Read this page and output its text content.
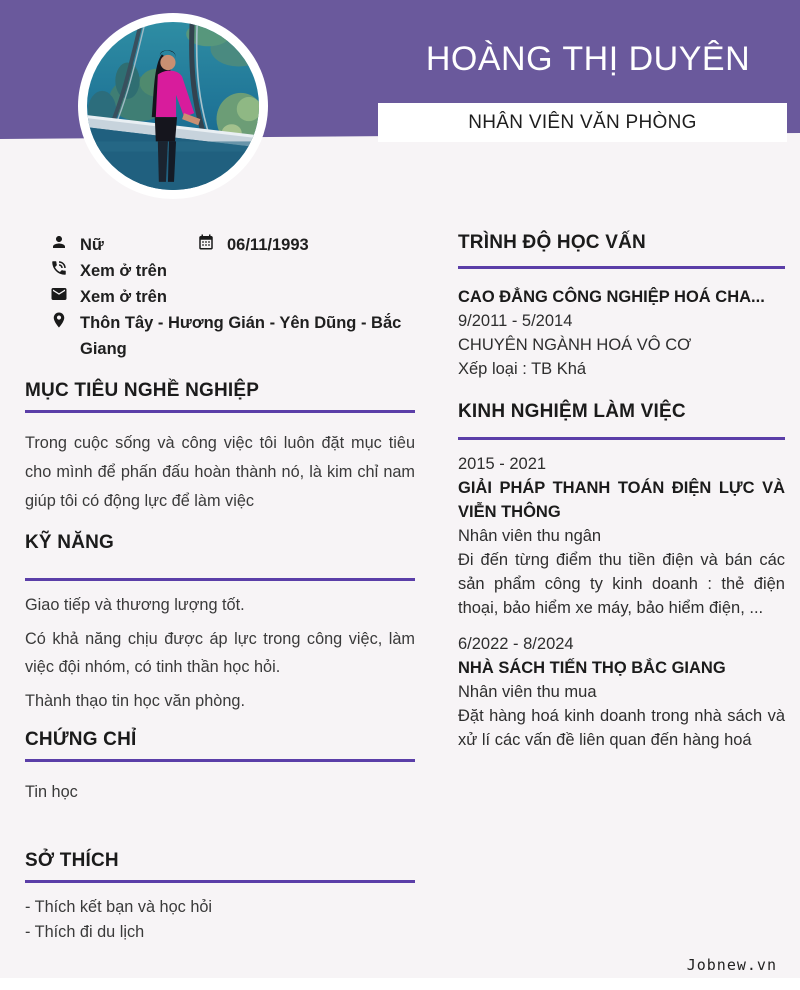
HOÀNG THỊ DUYÊN
NHÂN VIÊN VĂN PHÒNG
Nữ	06/11/1993
Xem ở trên
Xem ở trên
Thôn Tây - Hương Gián - Yên Dũng - Bắc Giang
MỤC TIÊU NGHỀ NGHIỆP

Trong cuộc sống và công việc tôi luôn đặt mục tiêu cho mình để phấn đấu hoàn thành nó, là kim chỉ nam giúp tôi có động lực để làm việc

KỸ NĂNG

Giao tiếp và thương lượng tốt.

Có khả năng chịu được áp lực trong công việc, làm việc đội nhóm, có tinh thần học hỏi.

Thành thạo tin học văn phòng.

CHỨNG CHỈ

Tin học

SỞ THÍCH

- Thích kết bạn và học hỏi

- Thích đi du lịch

TRÌNH ĐỘ HỌC VẤN
CAO ĐẲNG CÔNG NGHIỆP HOÁ CHA...
9/2011 - 5/2014
CHUYÊN NGÀNH HOÁ VÔ CƠ
Xếp loại : TB Khá
KINH NGHIỆM LÀM VIỆC
2015 - 2021
GIẢI PHÁP THANH TOÁN ĐIỆN LỰC VÀ VIỄN THÔNG
Nhân viên thu ngân
Đi đến từng điểm thu tiền điện và bán các sản phẩm công ty kinh doanh : thẻ điện thoại, bảo hiểm xe máy, bảo hiểm điện, ...
6/2022 - 8/2024
NHÀ SÁCH TIẾN THỌ BẮC GIANG
Nhân viên thu mua
Đặt hàng hoá kinh doanh trong nhà sách và xử lí các vấn đề liên quan đến hàng hoá
Jobnew.vn
